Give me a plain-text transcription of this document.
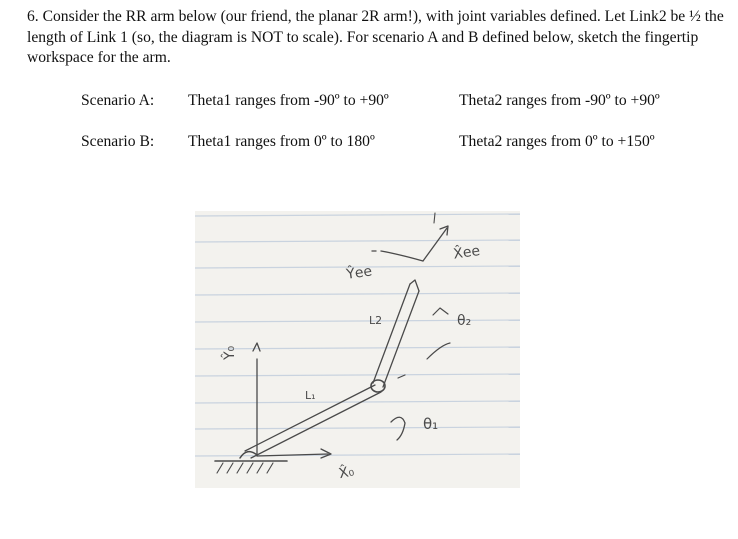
6. Consider the RR arm below (our friend, the planar 2R arm!), with joint variables defined. Let Link2 be ½ the length of Link 1 (so, the diagram is NOT to scale). For scenario A and B defined below, sketch the fingertip workspace for the arm.

Scenario A: Theta1 ranges from -90º to +90º	Theta2 ranges from -90º to +90º
Scenario B: Theta1 ranges from 0º to 180º	Theta2 ranges from 0º to +150º
Ŷ₀
X̂₀
L₁
L2
X̂ee
Ŷee
θ₂
θ₁
